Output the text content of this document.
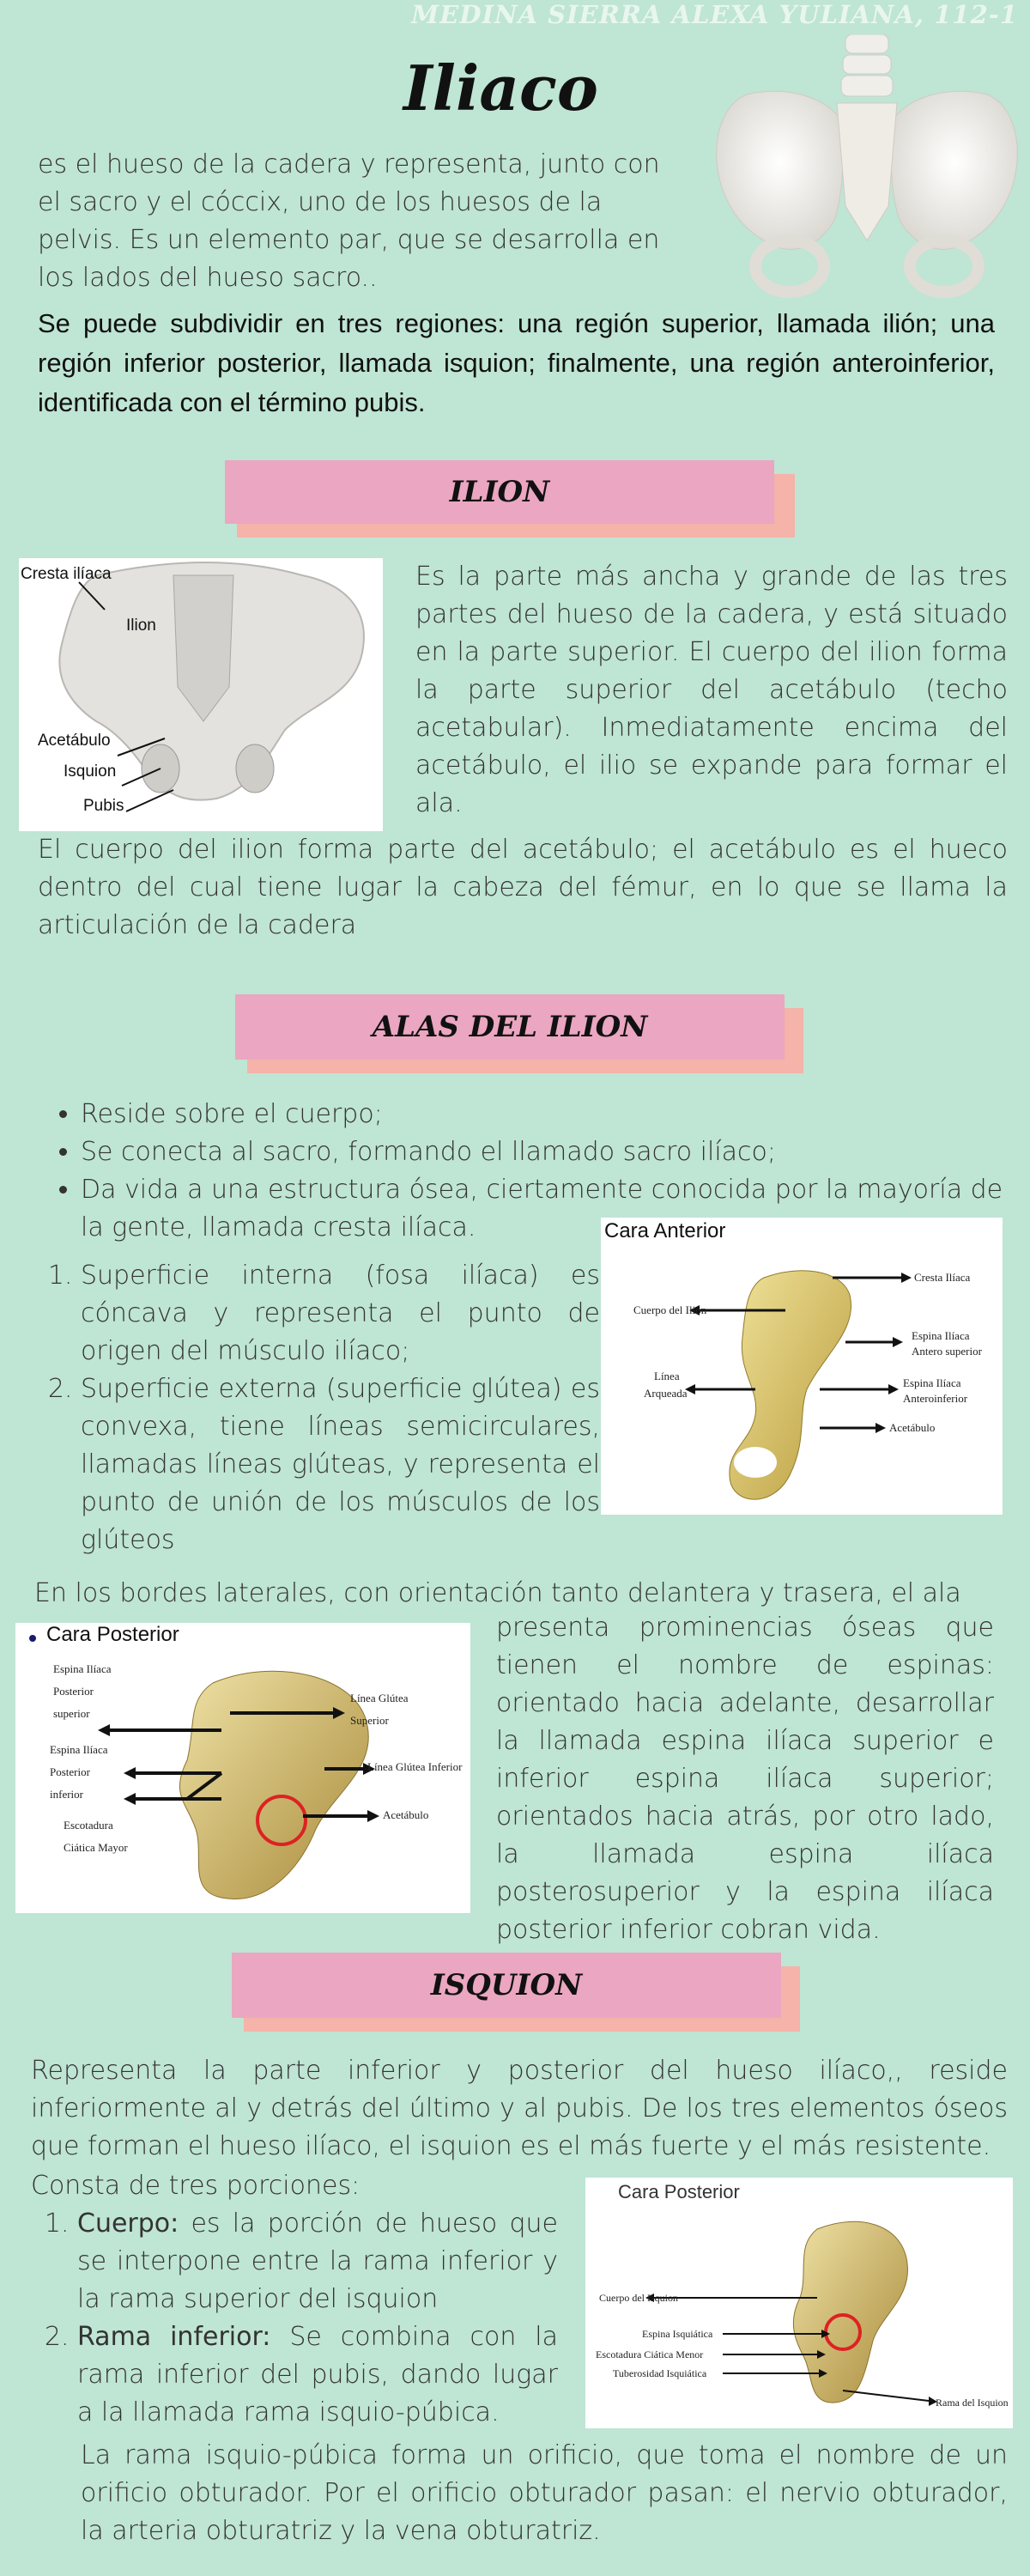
MEDINA SIERRA ALEXA YULIANA, 112-1
Iliaco
es el hueso de la cadera y representa, junto con el sacro y el cóccix, uno de los huesos de la pelvis. Es un elemento par, que se desarrolla en los lados del hueso sacro..
Se puede subdividir en tres regiones: una región superior, llamada ilión; una región inferior posterior, llamada isquion; finalmente, una región anteroinferior, identificada con el término pubis.
ILION
Cresta ilíaca
Ilion
Acetábulo
Isquion
Pubis
Es la parte más ancha y grande de las tres partes del hueso de la cadera, y está situado en la parte superior. El cuerpo del ilion forma la parte superior del acetábulo (techo acetabular). Inmediatamente encima del acetábulo, el ilio se expande para formar el ala.
El cuerpo del ilion forma parte del acetábulo; el acetábulo es el hueco dentro del cual tiene lugar la cabeza del fémur, en lo que se llama la articulación de la cadera
ALAS DEL ILION
• Reside sobre el cuerpo;
• Se conecta al sacro, formando el llamado sacro ilíaco;
• Da vida a una estructura ósea, ciertamente conocida por la mayoría de la gente, llamada cresta ilíaca.
1. Superficie interna (fosa ilíaca) es cóncava y representa el punto de origen del músculo ilíaco;
2. Superficie externa (superficie glútea) es convexa, tiene líneas semicirculares, llamadas líneas glúteas, y representa el punto de unión de los músculos de los glúteos
Cara Anterior
Cresta Ilíaca
Cuerpo del Ilion
Espina Ilíaca
Antero superior
Línea
Arqueada
Espina Ilíaca
Anteroinferior
Acetábulo
En los bordes laterales, con orientación tanto delantera y trasera, el ala
Cara Posterior
Espina Ilíaca
Posterior
superior
Espina Ilíaca
Posterior
inferior
Escotadura
Ciática Mayor
Línea Glútea
Superior
Línea Glútea Inferior
Acetábulo
presenta prominencias óseas que tienen el nombre de espinas: orientado hacia adelante, desarrollar la llamada espina ilíaca superior e inferior espina ilíaca superior; orientados hacia atrás, por otro lado, la llamada espina ilíaca posterosuperior y la espina ilíaca posterior inferior cobran vida.
ISQUION
Representa la parte inferior y posterior del hueso ilíaco,, reside inferiormente al y detrás del último y al pubis. De los tres elementos óseos que forman el hueso ilíaco, el isquion es el más fuerte y el más resistente.
Consta de tres porciones:
1. Cuerpo: es la porción de hueso que se interpone entre la rama inferior y la rama superior del isquion
2. Rama inferior: Se combina con la rama inferior del pubis, dando lugar a la llamada rama isquio-púbica.
Cara Posterior
Cuerpo del Isquion
Espina Isquiática
Escotadura Ciática Menor
Tuberosidad Isquiática
Rama del Isquion
La rama isquio-púbica forma un orificio, que toma el nombre de un orificio obturador. Por el orificio obturador pasan: el nervio obturador, la arteria obturatriz y la vena obturatriz.
